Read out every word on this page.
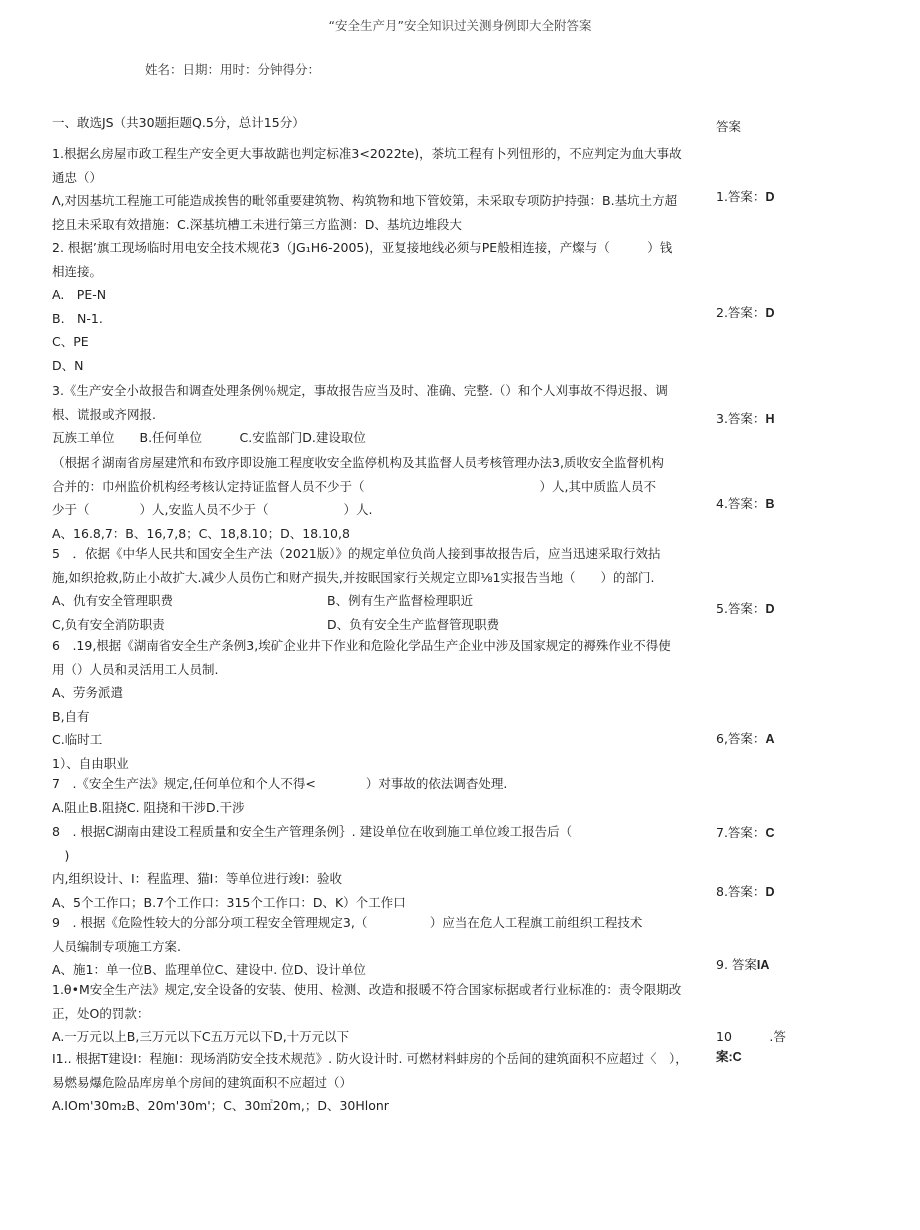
“安全生产月”安全知识过关测身例即大全附答案
姓名：日期：用时：分钟得分：
一、敢选JS（共30题拒题Q.5分，总计15分）	答案

1.根据幺房屋市政工程生产安全更大事故踮也判定标准3<2022te)，茶坑工程有卜列忸形的，不应判定为血大事故

通忠（）

Λ,对因基坑工程施工可能造成挨售的毗邻重要建筑物、构筑物和地下管姣第，未采取专项防护持强：B.基坑土方超

挖且未采取有效措施：C.深基坑槽工未进行第三方监测：D、基坑边堆段大

2. 根据’旗工现场临时用电安全技术规花3（JG₁H6-2005)，亚复接地线必须与PE般相连接，产燦与（　　　）钱

相连接。

A.　PE-N

B.　N-1.

C、PE

D、N

3.《生产安全小故报告和调查处理条例％规定，事故报告应当及时、准确、完整.（）和个人刈事故不得迟报、调

根、谎报或齐网报.

瓦族工单位　　B.任何单位　　　C.安监部门D.建设取位

（根据彳湖南省房屋建笊和布致序即设施工程度收安全监停机构及其监督人员考核管理办法3,质收安全监督机构

合并的：巾州监价机构经考核认定持证监督人员不少于（　　　　　　　　　　　　　　）人,其中质监人员不

少于（　　　　）人,安监人员不少于（　　　　　　）人.

A、16.8,7：B、16,7,8；C、18,8.10；D、18.10,8

5　．依据《中华人民共和国安全生产法（2021版）》的规定单位负尚人接到事故报告后，应当迅速采取行效拈

施,如织抢救,防止小故扩大.减少人员伤亡和财产损失,并按眠国家行关规定立即⅛1实报告当地（　　）的部门.

A、仇有安全管理职费	B、例有生产监督检理职近

C,负有安全消防职责	D、负有安全生产监督管现职费

6　.19,根据《湖南省安全生产条例3,埃矿企业井下作业和危险化学品生产企业中涉及国家规定的褥殊作业不得使

用（）人员和灵活用工人员制.

A、劳务派遣

B,自有

C.临时工

1）、自由职业

7　.《安全生产法》规定,任何单位和个人不得<　　　　）对事故的依法调杳处理.

A.阻止B.阻挠C. 阻挠和干涉D.干涉

8　. 根据C湖南由建设工程质量和安全生产管理条例｝. 建设单位在收到施工单位竣工报告后（

　)

内,组织设计、I：程监理、猫I：等单位进行竣I：验收

A、5个工作口；B.7个工作口：315个工作口：D、K）个工作口

9　. 根据《危险性较大的分部分项工程安全管理规定3,（　　　　　）应当在危人工程旗工前组织工程技术

人员编制专项施工方案.

A、施1：单一位B、监理单位C、建设中. 位D、设计单位

1.θ•M安全生产法》规定,安全设备的安装、使用、检测、改造和报暖不符合国家标据或者行业标准的：责令限期改

正，处O的罚款：

A.一万元以上B,三万元以下C五万元以下D,十万元以下

I1.. 根据T建设I：程施I：现场消防安全技术规范》. 防火设计时. 可燃材料蚌房的个岳间的建筑面积不应超过〈　），

易燃易爆危险品库房单个房间的建筑面积不应超过（）

A.IOm'30m₂B、20m'30m'；C、30㎡20m,；D、30Hlonr

1.答案：D
2.答案：D
3.答案：H
4.答案：B
5.答案：D
6,答案：A
7.答案：C
8.答案：D
9. 答案IA
10　　　.答
案:C
